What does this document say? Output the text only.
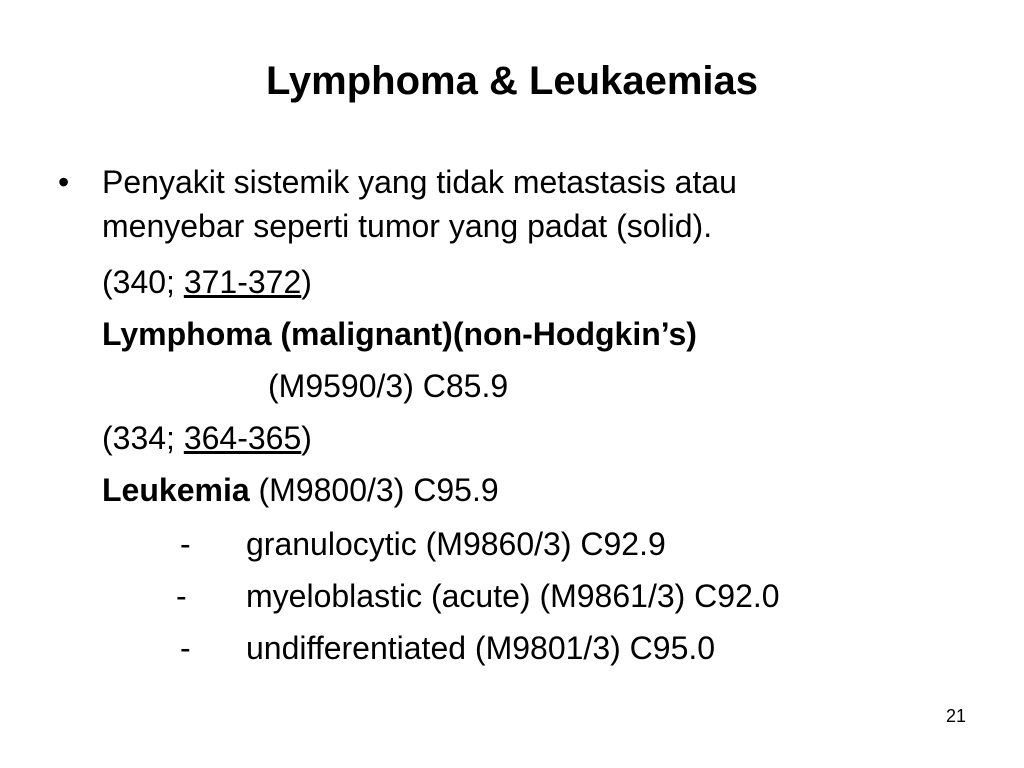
Lymphoma & Leukaemias
• Penyakit sistemik yang tidak metastasis atau
menyebar seperti tumor yang padat (solid).
(340; 371-372)
Lymphoma (malignant)(non-Hodgkin’s)
(M9590/3) C85.9
(334; 364-365)
Leukemia (M9800/3) C95.9
- granulocytic (M9860/3) C92.9
- myeloblastic (acute) (M9861/3) C92.0
- undifferentiated (M9801/3) C95.0
21
